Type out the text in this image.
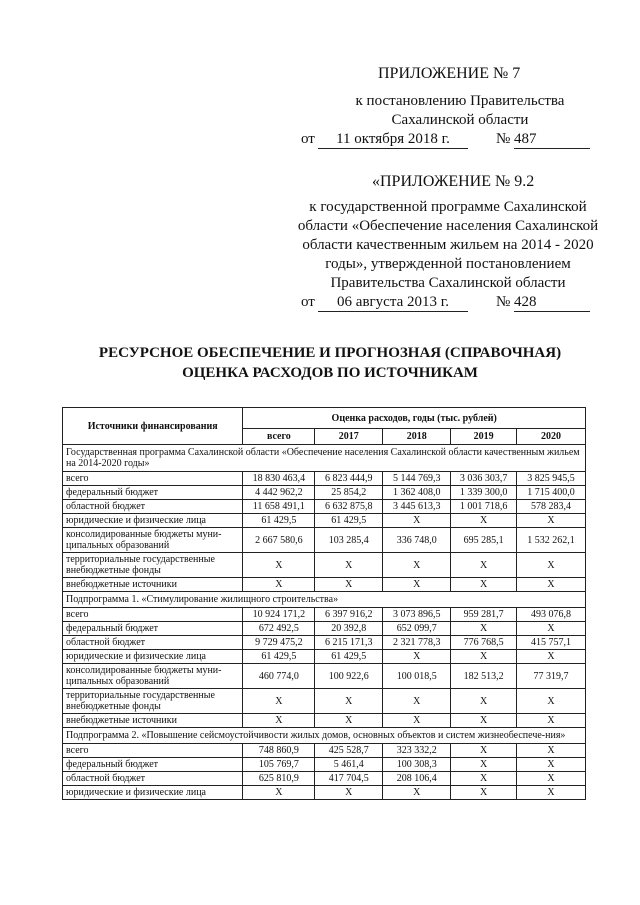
ПРИЛОЖЕНИЕ № 7
к постановлению Правительства
Сахалинской области
от	11 октября 2018 г.	№ 487
«ПРИЛОЖЕНИЕ № 9.2
к государственной программе Сахалинской
области «Обеспечение населения Сахалинской
области качественным жильем на 2014 - 2020
годы», утвержденной постановлением
Правительства Сахалинской области
от	06 августа 2013 г.	№ 428
РЕСУРСНОЕ ОБЕСПЕЧЕНИЕ И ПРОГНОЗНАЯ (СПРАВОЧНАЯ)
ОЦЕНКА РАСХОДОВ ПО ИСТОЧНИКАМ
Источники финансирования	Оценка расходов, годы (тыс. рублей)				
	всего	2017	2018	2019	2020
Государственная программа Сахалинской области «Обеспечение населения Сахалинской области качественным жильем на 2014-2020 годы»					
всего	18 830 463,4	6 823 444,9	5 144 769,3	3 036 303,7	3 825 945,5
федеральный бюджет	4 442 962,2	25 854,2	1 362 408,0	1 339 300,0	1 715 400,0
областной бюджет	11 658 491,1	6 632 875,8	3 445 613,3	1 001 718,6	578 283,4
юридические и физические лица	61 429,5	61 429,5	Х	Х	Х
консолидированные бюджеты муни-ципальных образований	2 667 580,6	103 285,4	336 748,0	695 285,1	1 532 262,1
территориальные государственные внебюджетные фонды	Х	Х	Х	Х	Х
внебюджетные источники	Х	Х	Х	Х	Х
Подпрограмма 1. «Стимулирование жилищного строительства»					
всего	10 924 171,2	6 397 916,2	3 073 896,5	959 281,7	493 076,8
федеральный бюджет	672 492,5	20 392,8	652 099,7	Х	Х
областной бюджет	9 729 475,2	6 215 171,3	2 321 778,3	776 768,5	415 757,1
юридические и физические лица	61 429,5	61 429,5	Х	Х	Х
консолидированные бюджеты муни-ципальных образований	460 774,0	100 922,6	100 018,5	182 513,2	77 319,7
территориальные государственные внебюджетные фонды	Х	Х	Х	Х	Х
внебюджетные источники	Х	Х	Х	Х	Х
Подпрограмма 2. «Повышение сейсмоустойчивости жилых домов, основных объектов и систем жизнеобеспече-ния»					
всего	748 860,9	425 528,7	323 332,2	Х	Х
федеральный бюджет	105 769,7	5 461,4	100 308,3	Х	Х
областной бюджет	625 810,9	417 704,5	208 106,4	Х	Х
юридические и физические лица	Х	Х	Х	Х	Х
